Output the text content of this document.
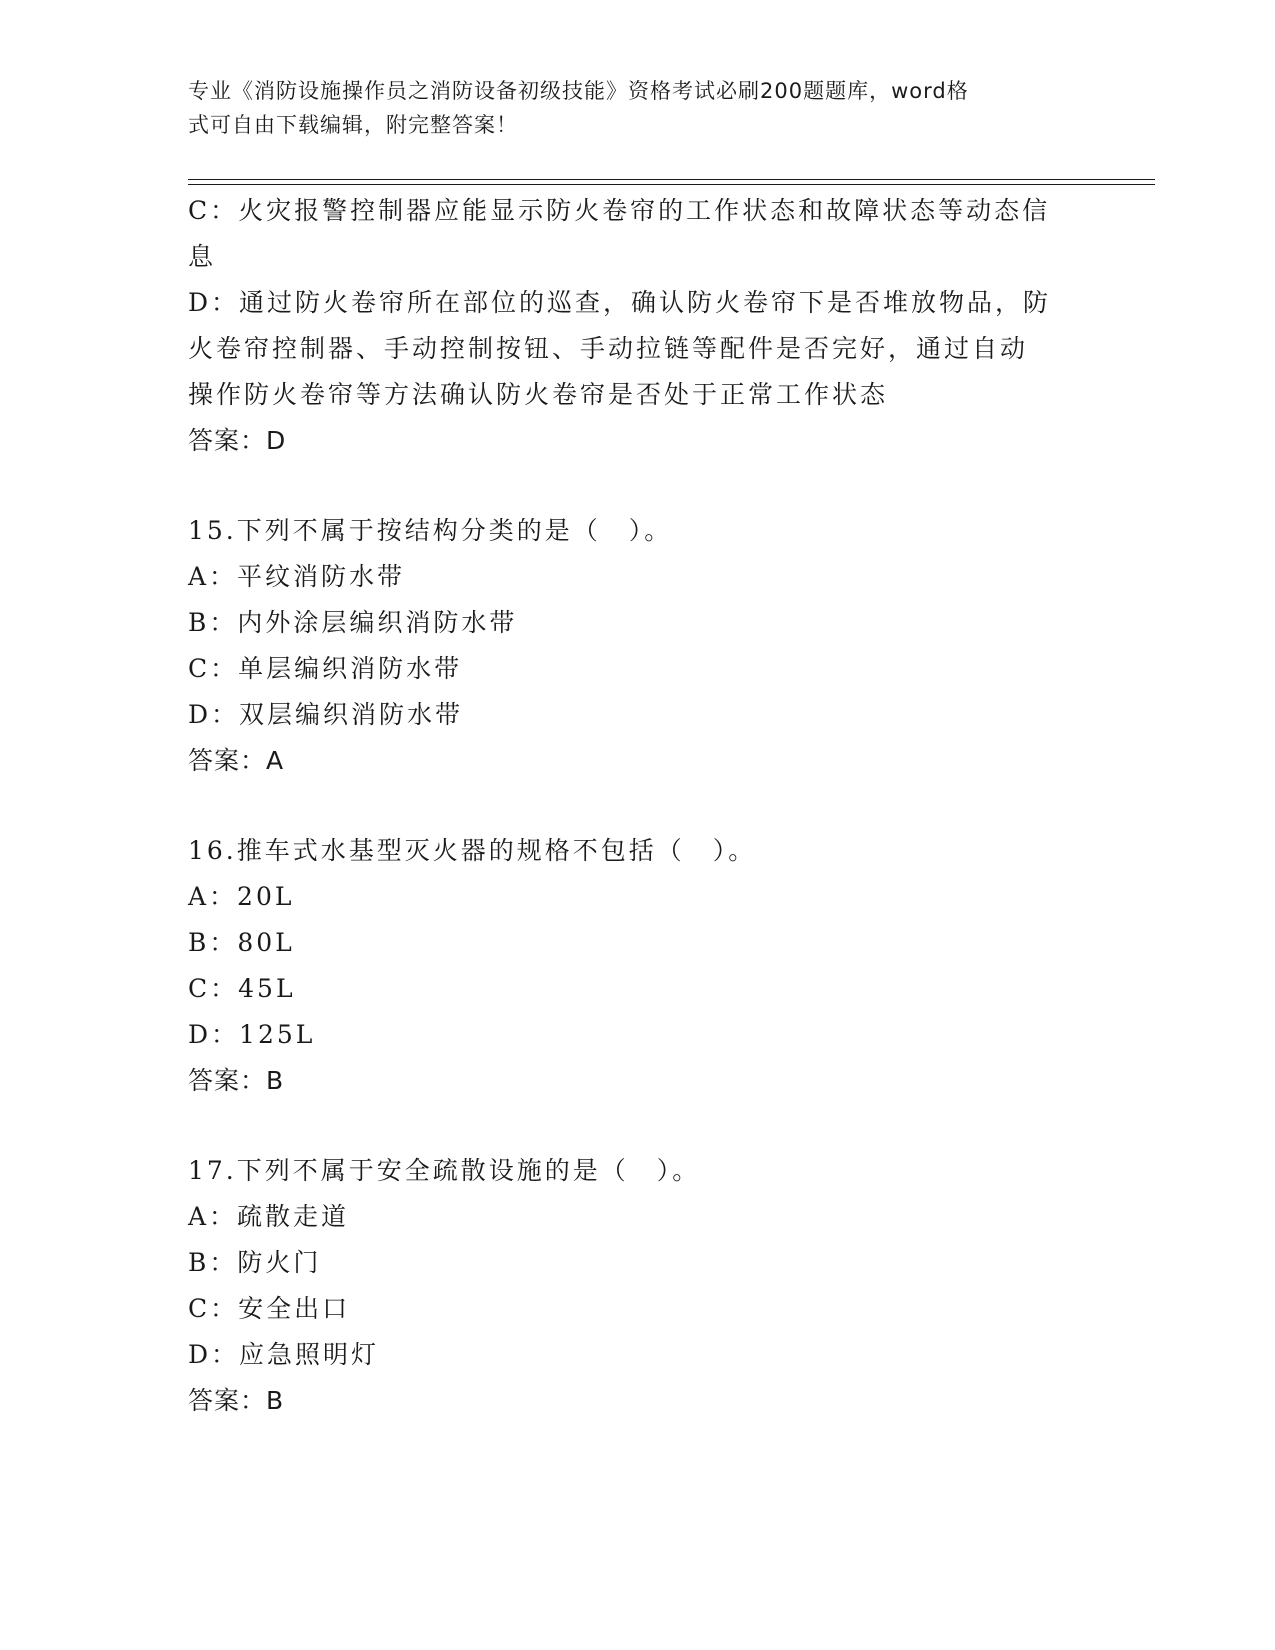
专业《消防设施操作员之消防设备初级技能》资格考试必刷200题题库，word格
式可自由下载编辑，附完整答案！
C：火灾报警控制器应能显示防火卷帘的工作状态和故障状态等动态信
息
D：通过防火卷帘所在部位的巡查，确认防火卷帘下是否堆放物品，防
火卷帘控制器、手动控制按钮、手动拉链等配件是否完好，通过自动
操作防火卷帘等方法确认防火卷帘是否处于正常工作状态
答案：D
15.下列不属于按结构分类的是（　）。
A：平纹消防水带
B：内外涂层编织消防水带
C：单层编织消防水带
D：双层编织消防水带
答案：A
16.推车式水基型灭火器的规格不包括（　）。
A：20L
B：80L
C：45L
D：125L
答案：B
17.下列不属于安全疏散设施的是（　）。
A：疏散走道
B：防火门
C：安全出口
D：应急照明灯
答案：B
